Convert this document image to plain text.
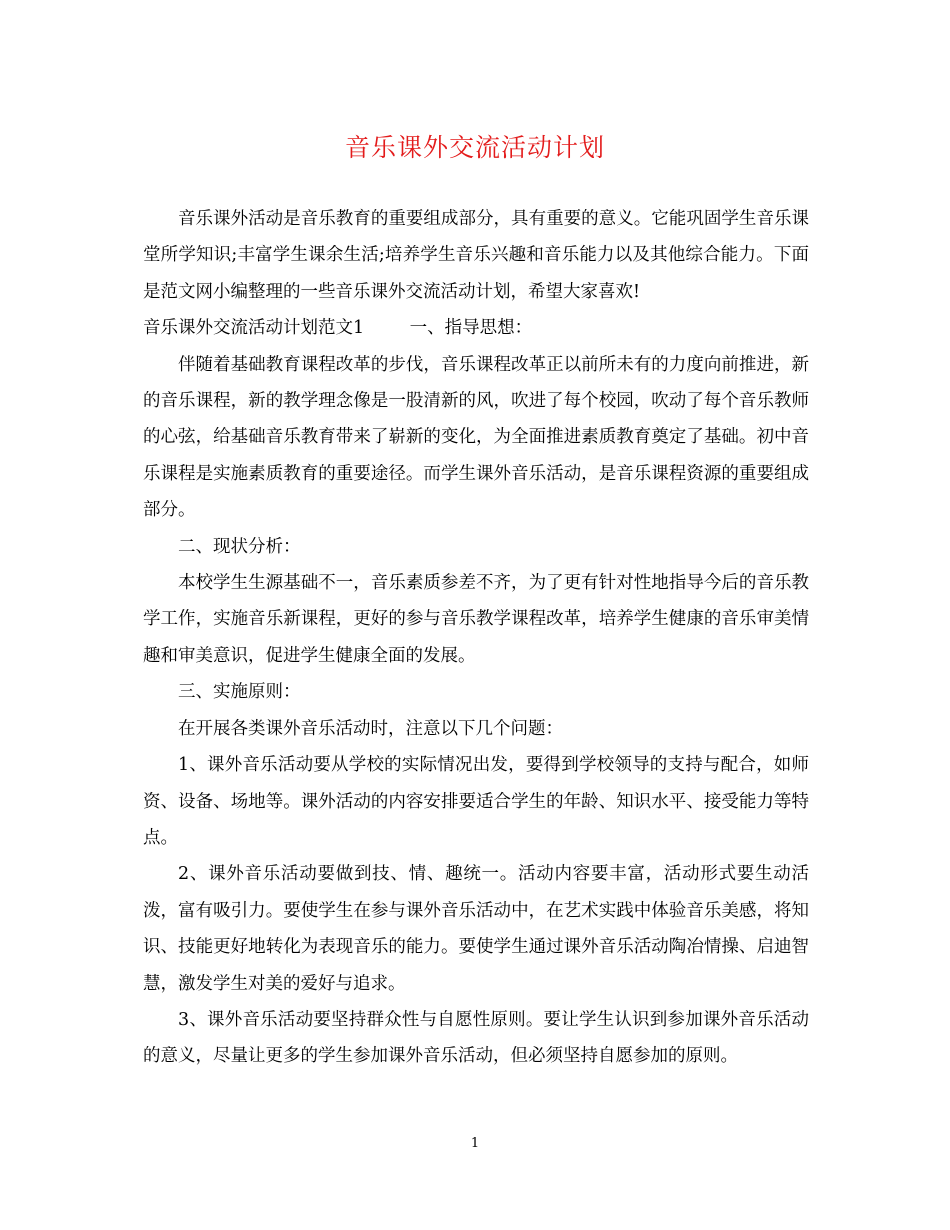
音乐课外交流活动计划

音乐课外活动是音乐教育的重要组成部分，具有重要的意义。它能巩固学生音乐课堂所学知识;丰富学生课余生活;培养学生音乐兴趣和音乐能力以及其他综合能力。下面是范文网小编整理的一些音乐课外交流活动计划，希望大家喜欢!

音乐课外交流活动计划范文1	一、指导思想：

伴随着基础教育课程改革的步伐，音乐课程改革正以前所未有的力度向前推进，新的音乐课程，新的教学理念像是一股清新的风，吹进了每个校园，吹动了每个音乐教师的心弦，给基础音乐教育带来了崭新的变化，为全面推进素质教育奠定了基础。初中音乐课程是实施素质教育的重要途径。而学生课外音乐活动，是音乐课程资源的重要组成部分。

二、现状分析：

本校学生生源基础不一，音乐素质参差不齐，为了更有针对性地指导今后的音乐教学工作，实施音乐新课程，更好的参与音乐教学课程改革，培养学生健康的音乐审美情趣和审美意识，促进学生健康全面的发展。

三、实施原则：

在开展各类课外音乐活动时，注意以下几个问题：

1、课外音乐活动要从学校的实际情况出发，要得到学校领导的支持与配合，如师资、设备、场地等。课外活动的内容安排要适合学生的年龄、知识水平、接受能力等特点。

2、课外音乐活动要做到技、情、趣统一。活动内容要丰富，活动形式要生动活泼，富有吸引力。要使学生在参与课外音乐活动中，在艺术实践中体验音乐美感，将知识、技能更好地转化为表现音乐的能力。要使学生通过课外音乐活动陶冶情操、启迪智慧，激发学生对美的爱好与追求。

3、课外音乐活动要坚持群众性与自愿性原则。要让学生认识到参加课外音乐活动的意义，尽量让更多的学生参加课外音乐活动，但必须坚持自愿参加的原则。

1
